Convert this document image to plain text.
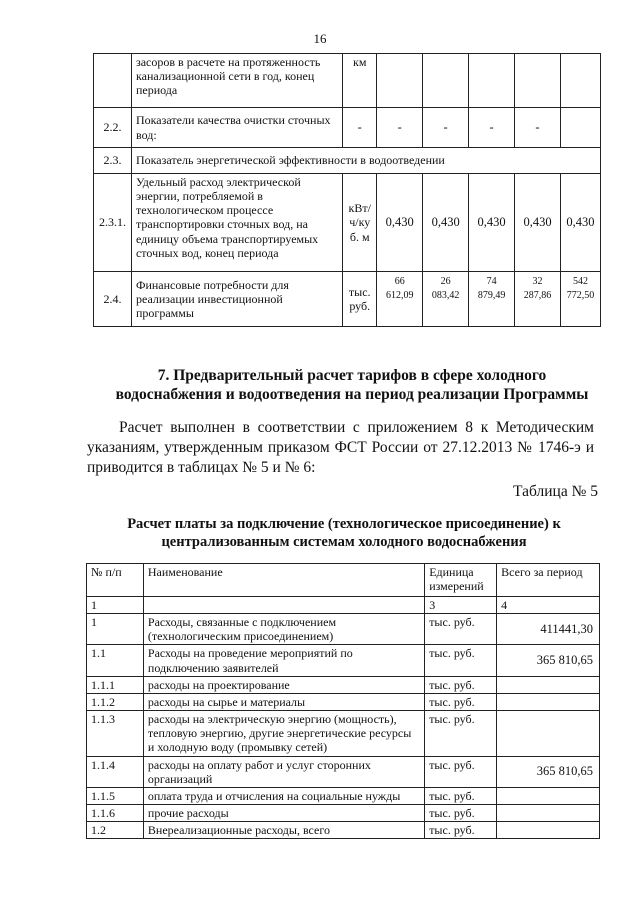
16
	засоров в расчете на протяженность канализационной сети в год, конец периода	км					
2.2.	Показатели качества очистки сточных вод:	-	-	-	-	-	
2.3.	Показатель энергетической эффективности в водоотведении						
2.3.1.	Удельный расход электрической энергии, потребляемой в технологическом процессе транспортировки сточных вод, на единицу объема транспортируемых сточных вод, конец периода	кВт/ ч/ку б. м	0,430	0,430	0,430	0,430	0,430
2.4.	Финансовые потребности для реализации инвестиционной программы	тыс. руб.	66 612,09	26 083,42	74 879,49	32 287,86	542 772,50
7. Предварительный расчет тарифов в сфере холодного водоснабжения и водоотведения на период реализации Программы
Расчет выполнен в соответствии с приложением 8 к Методическим указаниям, утвержденным приказом ФСТ России от 27.12.2013 № 1746-э и приводится в таблицах № 5 и № 6:
Таблица № 5
Расчет платы за подключение (технологическое присоединение) к централизованным системам холодного водоснабжения
№ п/п	Наименование	Единица измерений	Всего за период
1		3	4
1	Расходы, связанные с подключением (технологическим присоединением)	тыс. руб.	411441,30
1.1	Расходы на проведение мероприятий по подключению заявителей	тыс. руб.	365 810,65
1.1.1	расходы на проектирование	тыс. руб.	
1.1.2	расходы на сырье и материалы	тыс. руб.	
1.1.3	расходы на электрическую энергию (мощность), тепловую энергию, другие энергетические ресурсы и холодную воду (промывку сетей)	тыс. руб.	
1.1.4	расходы на оплату работ и услуг сторонних организаций	тыс. руб.	365 810,65
1.1.5	оплата труда и отчисления на социальные нужды	тыс. руб.	
1.1.6	прочие расходы	тыс. руб.	
1.2	Внереализационные расходы, всего	тыс. руб.	
